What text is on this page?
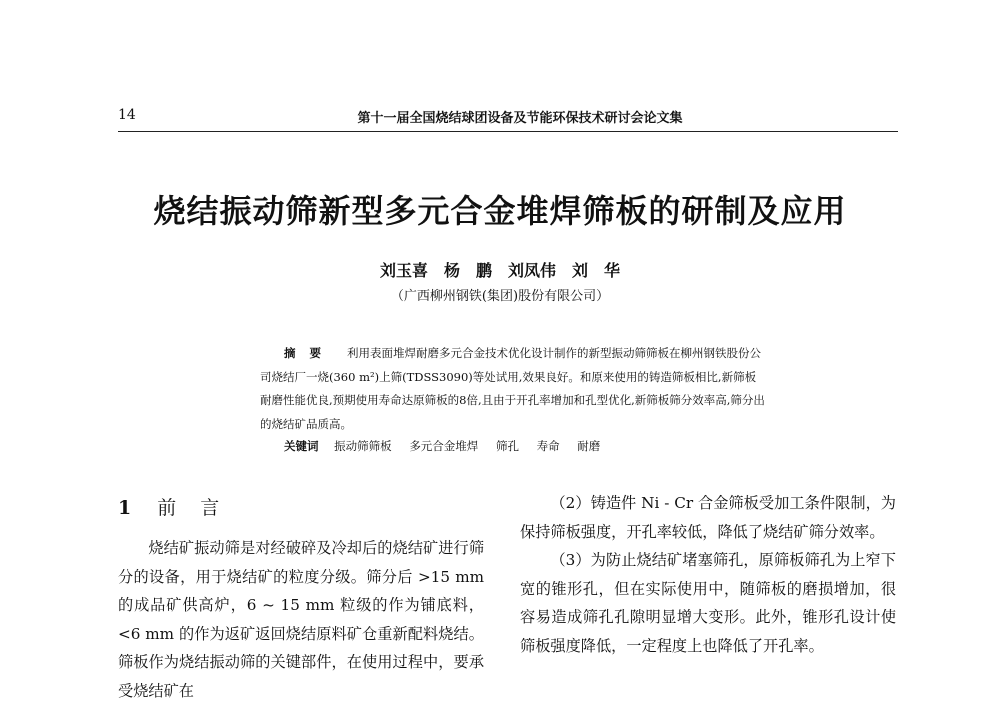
14	第十一届全国烧结球团设备及节能环保技术研讨会论文集
烧结振动筛新型多元合金堆焊筛板的研制及应用
刘玉喜　杨　鹏　刘凤伟　刘　华
（广西柳州钢铁(集团)股份有限公司）
摘要 利用表面堆焊耐磨多元合金技术优化设计制作的新型振动筛筛板在柳州钢铁股份公司烧结厂一烧(360 m²)上筛(TDSS3090)等处试用,效果良好。和原来使用的铸造筛板相比,新筛板耐磨性能优良,预期使用寿命达原筛板的8倍,且由于开孔率增加和孔型优化,新筛板筛分效率高,筛分出的烧结矿品质高。
关键词 振动筛筛板 多元合金堆焊 筛孔 寿命 耐磨
1 前言

烧结矿振动筛是对经破碎及冷却后的烧结矿进行筛分的设备，用于烧结矿的粒度分级。筛分后 >15 mm 的成品矿供高炉，6 ~ 15 mm 粒级的作为铺底料，<6 mm 的作为返矿返回烧结原料矿仓重新配料烧结。筛板作为烧结振动筛的关键部件，在使用过程中，要承受烧结矿在

（2）铸造件 Ni - Cr 合金筛板受加工条件限制，为保持筛板强度，开孔率较低，降低了烧结矿筛分效率。

（3）为防止烧结矿堵塞筛孔，原筛板筛孔为上窄下宽的锥形孔，但在实际使用中，随筛板的磨损增加，很容易造成筛孔孔隙明显增大变形。此外，锥形孔设计使筛板强度降低，一定程度上也降低了开孔率。
